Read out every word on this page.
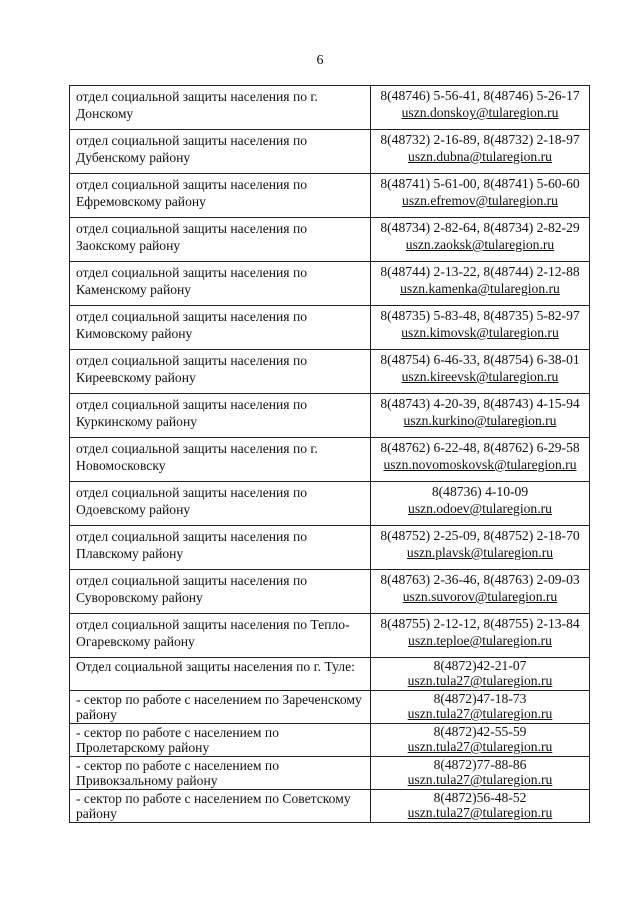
6
отдел социальной защиты населения по г. Донскому	8(48746) 5-56-41, 8(48746) 5-26-17
uszn.donskoy@tularegion.ru

отдел социальной защиты населения по Дубенскому району	8(48732) 2-16-89, 8(48732) 2-18-97
uszn.dubna@tularegion.ru

отдел социальной защиты населения по Ефремовскому району	8(48741) 5-61-00, 8(48741) 5-60-60
uszn.efremov@tularegion.ru

отдел социальной защиты населения по Заокскому району	8(48734) 2-82-64, 8(48734) 2-82-29
uszn.zaoksk@tularegion.ru

отдел социальной защиты населения по Каменскому району	8(48744) 2-13-22, 8(48744) 2-12-88
uszn.kamenka@tularegion.ru

отдел социальной защиты населения по Кимовскому району	8(48735) 5-83-48, 8(48735) 5-82-97
uszn.kimovsk@tularegion.ru

отдел социальной защиты населения по Киреевскому району	8(48754) 6-46-33, 8(48754) 6-38-01
uszn.kireevsk@tularegion.ru

отдел социальной защиты населения по Куркинскому району	8(48743) 4-20-39, 8(48743) 4-15-94
uszn.kurkino@tularegion.ru

отдел социальной защиты населения по г. Новомосковску	8(48762) 6-22-48, 8(48762) 6-29-58
uszn.novomoskovsk@tularegion.ru

отдел социальной защиты населения по Одоевскому району	8(48736) 4-10-09
uszn.odoev@tularegion.ru

отдел социальной защиты населения по Плавскому району	8(48752) 2-25-09, 8(48752) 2-18-70
uszn.plavsk@tularegion.ru

отдел социальной защиты населения по Суворовскому району	8(48763) 2-36-46, 8(48763) 2-09-03
uszn.suvorov@tularegion.ru

отдел социальной защиты населения по Тепло-Огаревскому району	8(48755) 2-12-12, 8(48755) 2-13-84
uszn.teploe@tularegion.ru

Отдел социальной защиты населения по г. Туле:	8(4872)42-21-07
uszn.tula27@tularegion.ru

- сектор по работе с населением по Зареченскому району	8(4872)47-18-73
uszn.tula27@tularegion.ru

- сектор по работе с населением по Пролетарскому району	8(4872)42-55-59
uszn.tula27@tularegion.ru

- сектор по работе с населением по Привокзальному району	8(4872)77-88-86
uszn.tula27@tularegion.ru

- сектор по работе с населением по Советскому району	8(4872)56-48-52
uszn.tula27@tularegion.ru
